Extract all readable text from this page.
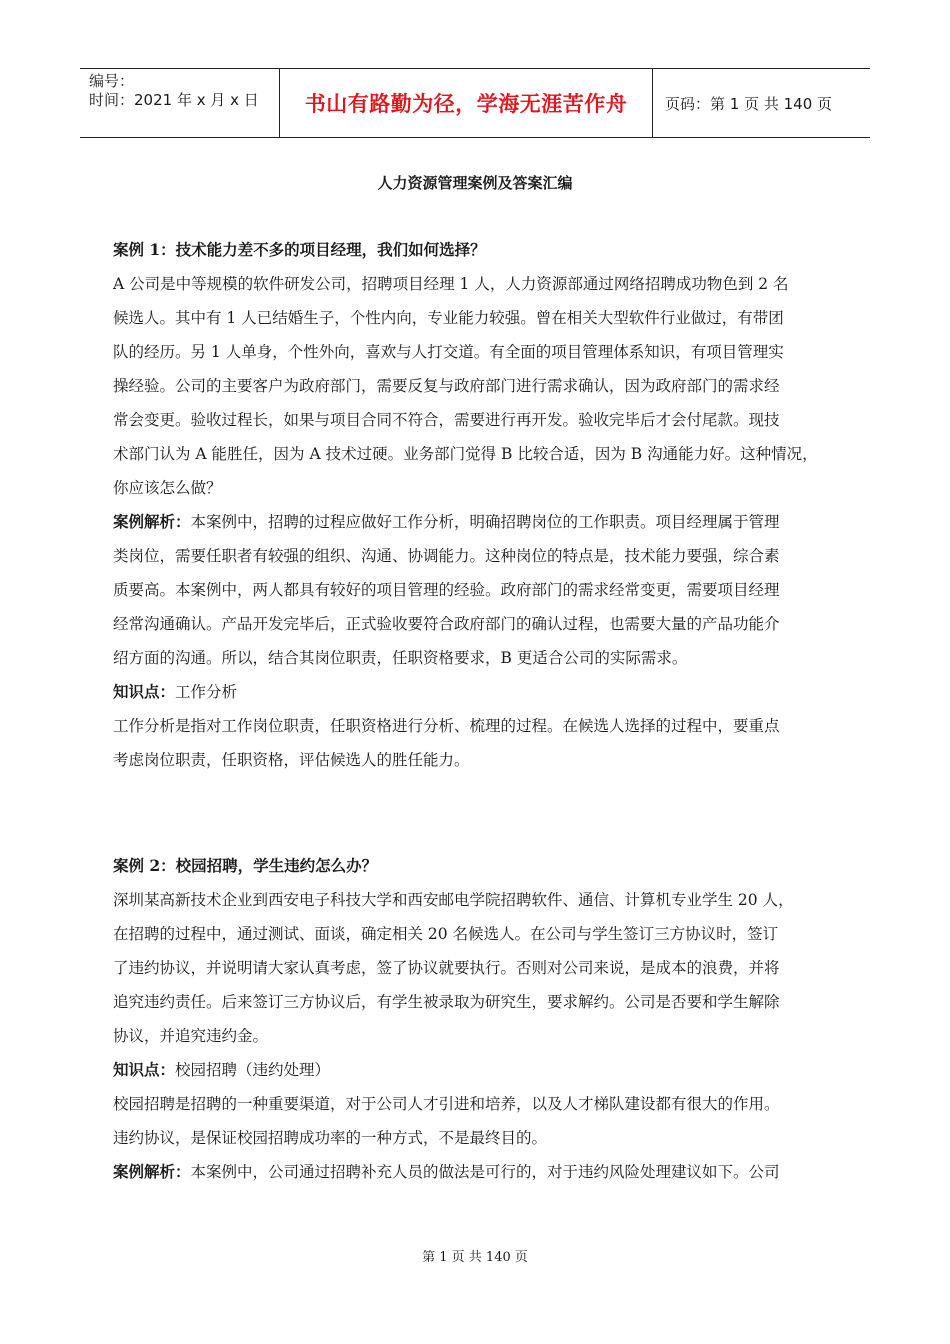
编号：
时间：2021 年 x 月 x 日	书山有路勤为径，学海无涯苦作舟	页码：第 1 页 共 140 页
人力资源管理案例及答案汇编
案例 1：技术能力差不多的项目经理，我们如何选择？
A 公司是中等规模的软件研发公司，招聘项目经理 1 人，人力资源部通过网络招聘成功物色到 2 名
候选人。其中有 1 人已结婚生子，个性内向，专业能力较强。曾在相关大型软件行业做过，有带团
队的经历。另 1 人单身，个性外向，喜欢与人打交道。有全面的项目管理体系知识，有项目管理实
操经验。公司的主要客户为政府部门，需要反复与政府部门进行需求确认，因为政府部门的需求经
常会变更。验收过程长，如果与项目合同不符合，需要进行再开发。验收完毕后才会付尾款。现技
术部门认为 A 能胜任，因为 A 技术过硬。业务部门觉得 B 比较合适，因为 B 沟通能力好。这种情况，
你应该怎么做？
案例解析：本案例中，招聘的过程应做好工作分析，明确招聘岗位的工作职责。项目经理属于管理
类岗位，需要任职者有较强的组织、沟通、协调能力。这种岗位的特点是，技术能力要强，综合素
质要高。本案例中，两人都具有较好的项目管理的经验。政府部门的需求经常变更，需要项目经理
经常沟通确认。产品开发完毕后，正式验收要符合政府部门的确认过程，也需要大量的产品功能介
绍方面的沟通。所以，结合其岗位职责，任职资格要求，B 更适合公司的实际需求。
知识点：工作分析
工作分析是指对工作岗位职责，任职资格进行分析、梳理的过程。在候选人选择的过程中，要重点
考虑岗位职责，任职资格，评估候选人的胜任能力。
案例 2：校园招聘，学生违约怎么办？
深圳某高新技术企业到西安电子科技大学和西安邮电学院招聘软件、通信、计算机专业学生 20 人，
在招聘的过程中，通过测试、面谈，确定相关 20 名候选人。在公司与学生签订三方协议时，签订
了违约协议，并说明请大家认真考虑，签了协议就要执行。否则对公司来说，是成本的浪费，并将
追究违约责任。后来签订三方协议后，有学生被录取为研究生，要求解约。公司是否要和学生解除
协议，并追究违约金。
知识点：校园招聘（违约处理）
校园招聘是招聘的一种重要渠道，对于公司人才引进和培养，以及人才梯队建设都有很大的作用。
违约协议，是保证校园招聘成功率的一种方式，不是最终目的。
案例解析：本案例中，公司通过招聘补充人员的做法是可行的，对于违约风险处理建议如下。公司
第 1 页 共 140 页
